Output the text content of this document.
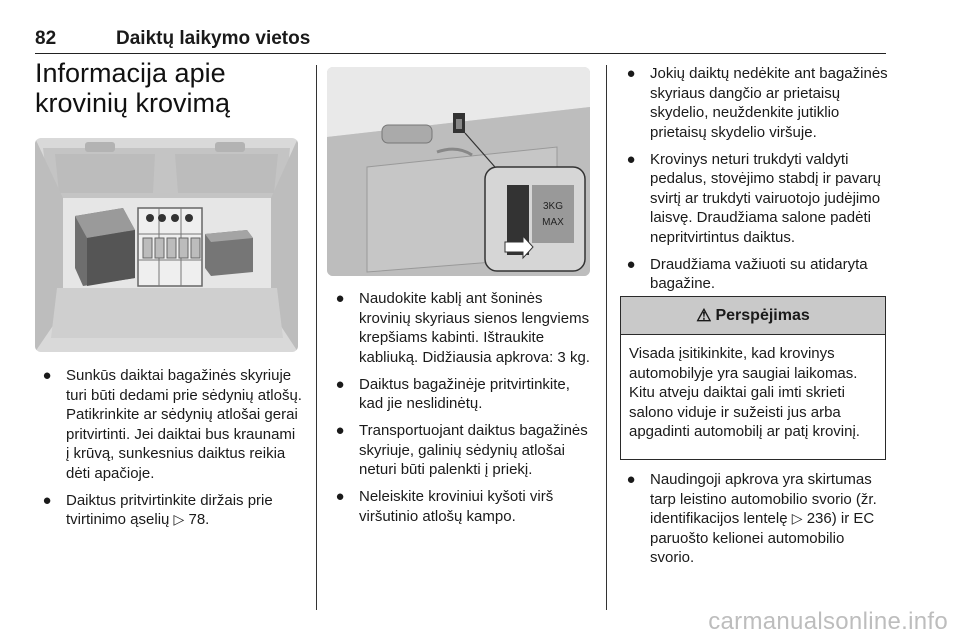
82	Daiktų laikymo vietos
Informacija apie
krovinių krovimą
3KG
MAX
● Sunkūs daiktai bagažinės skyriuje turi būti dedami prie sėdynių atlošų. Patikrinkite ar sėdynių atlošai gerai pritvirtinti. Jei daiktai bus kraunami į krūvą, sunkesnius daiktus reikia dėti apačioje.
● Daiktus pritvirtinkite diržais prie tvirtinimo ąselių ▷ 78.
● Naudokite kablį ant šoninės krovinių skyriaus sienos lengviems krepšiams kabinti. Ištraukite kabliuką. Didžiausia apkrova: 3 kg.
● Daiktus bagažinėje pritvirtinkite, kad jie neslidinėtų.
● Transportuojant daiktus bagažinės skyriuje, galinių sėdynių atlošai neturi būti palenkti į priekį.
● Neleiskite kroviniui kyšoti virš viršutinio atlošų kampo.
● Jokių daiktų nedėkite ant bagažinės skyriaus dangčio ar prietaisų skydelio, neuždenkite jutiklio prietaisų skydelio viršuje.
● Krovinys neturi trukdyti valdyti pedalus, stovėjimo stabdį ir pavarų svirtį ar trukdyti vairuotojo judėjimo laisvę. Draudžiama salone padėti nepritvirtintus daiktus.
● Draudžiama važiuoti su atidaryta bagažine.
⚠ Perspėjimas
Visada įsitikinkite, kad krovinys automobilyje yra saugiai laikomas. Kitu atveju daiktai gali imti skrieti salono viduje ir sužeisti jus arba apgadinti automobilį ar patį krovinį.
● Naudingoji apkrova yra skirtumas tarp leistino automobilio svorio (žr. identifikacijos lentelę ▷ 236) ir EC paruošto kelionei automobilio svorio.
carmanualsonline.info
